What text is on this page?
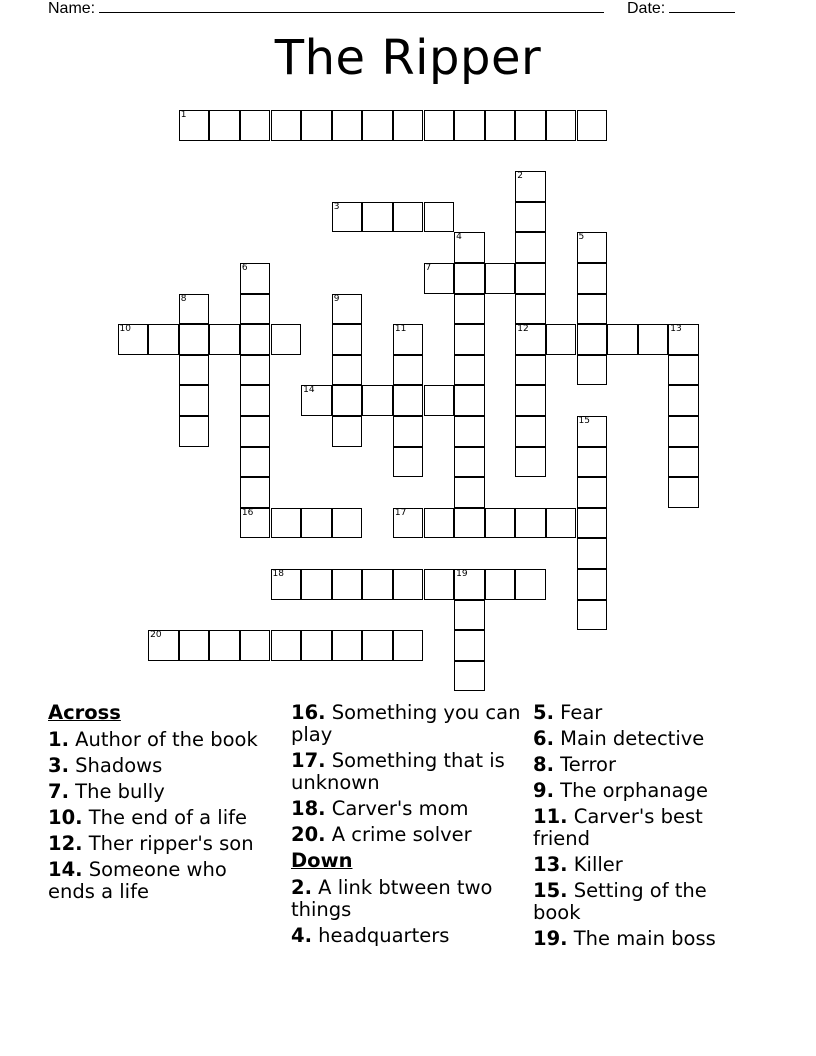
Name:	Date:
The Ripper
1
2
12
3
4	5
6
16
7
8	9
10	11	13
14
15
17
18	19
20
Across
1. Author of the book
3. Shadows
7. The bully
10. The end of a life
12. Ther ripper's son
14. Someone who ends a life
16. Something you can play
17. Something that is unknown
18. Carver's mom
20. A crime solver
Down
2. A link btween two things
4. headquarters
5. Fear
6. Main detective
8. Terror
9. The orphanage
11. Carver's best friend
13. Killer
15. Setting of the book
19. The main boss
